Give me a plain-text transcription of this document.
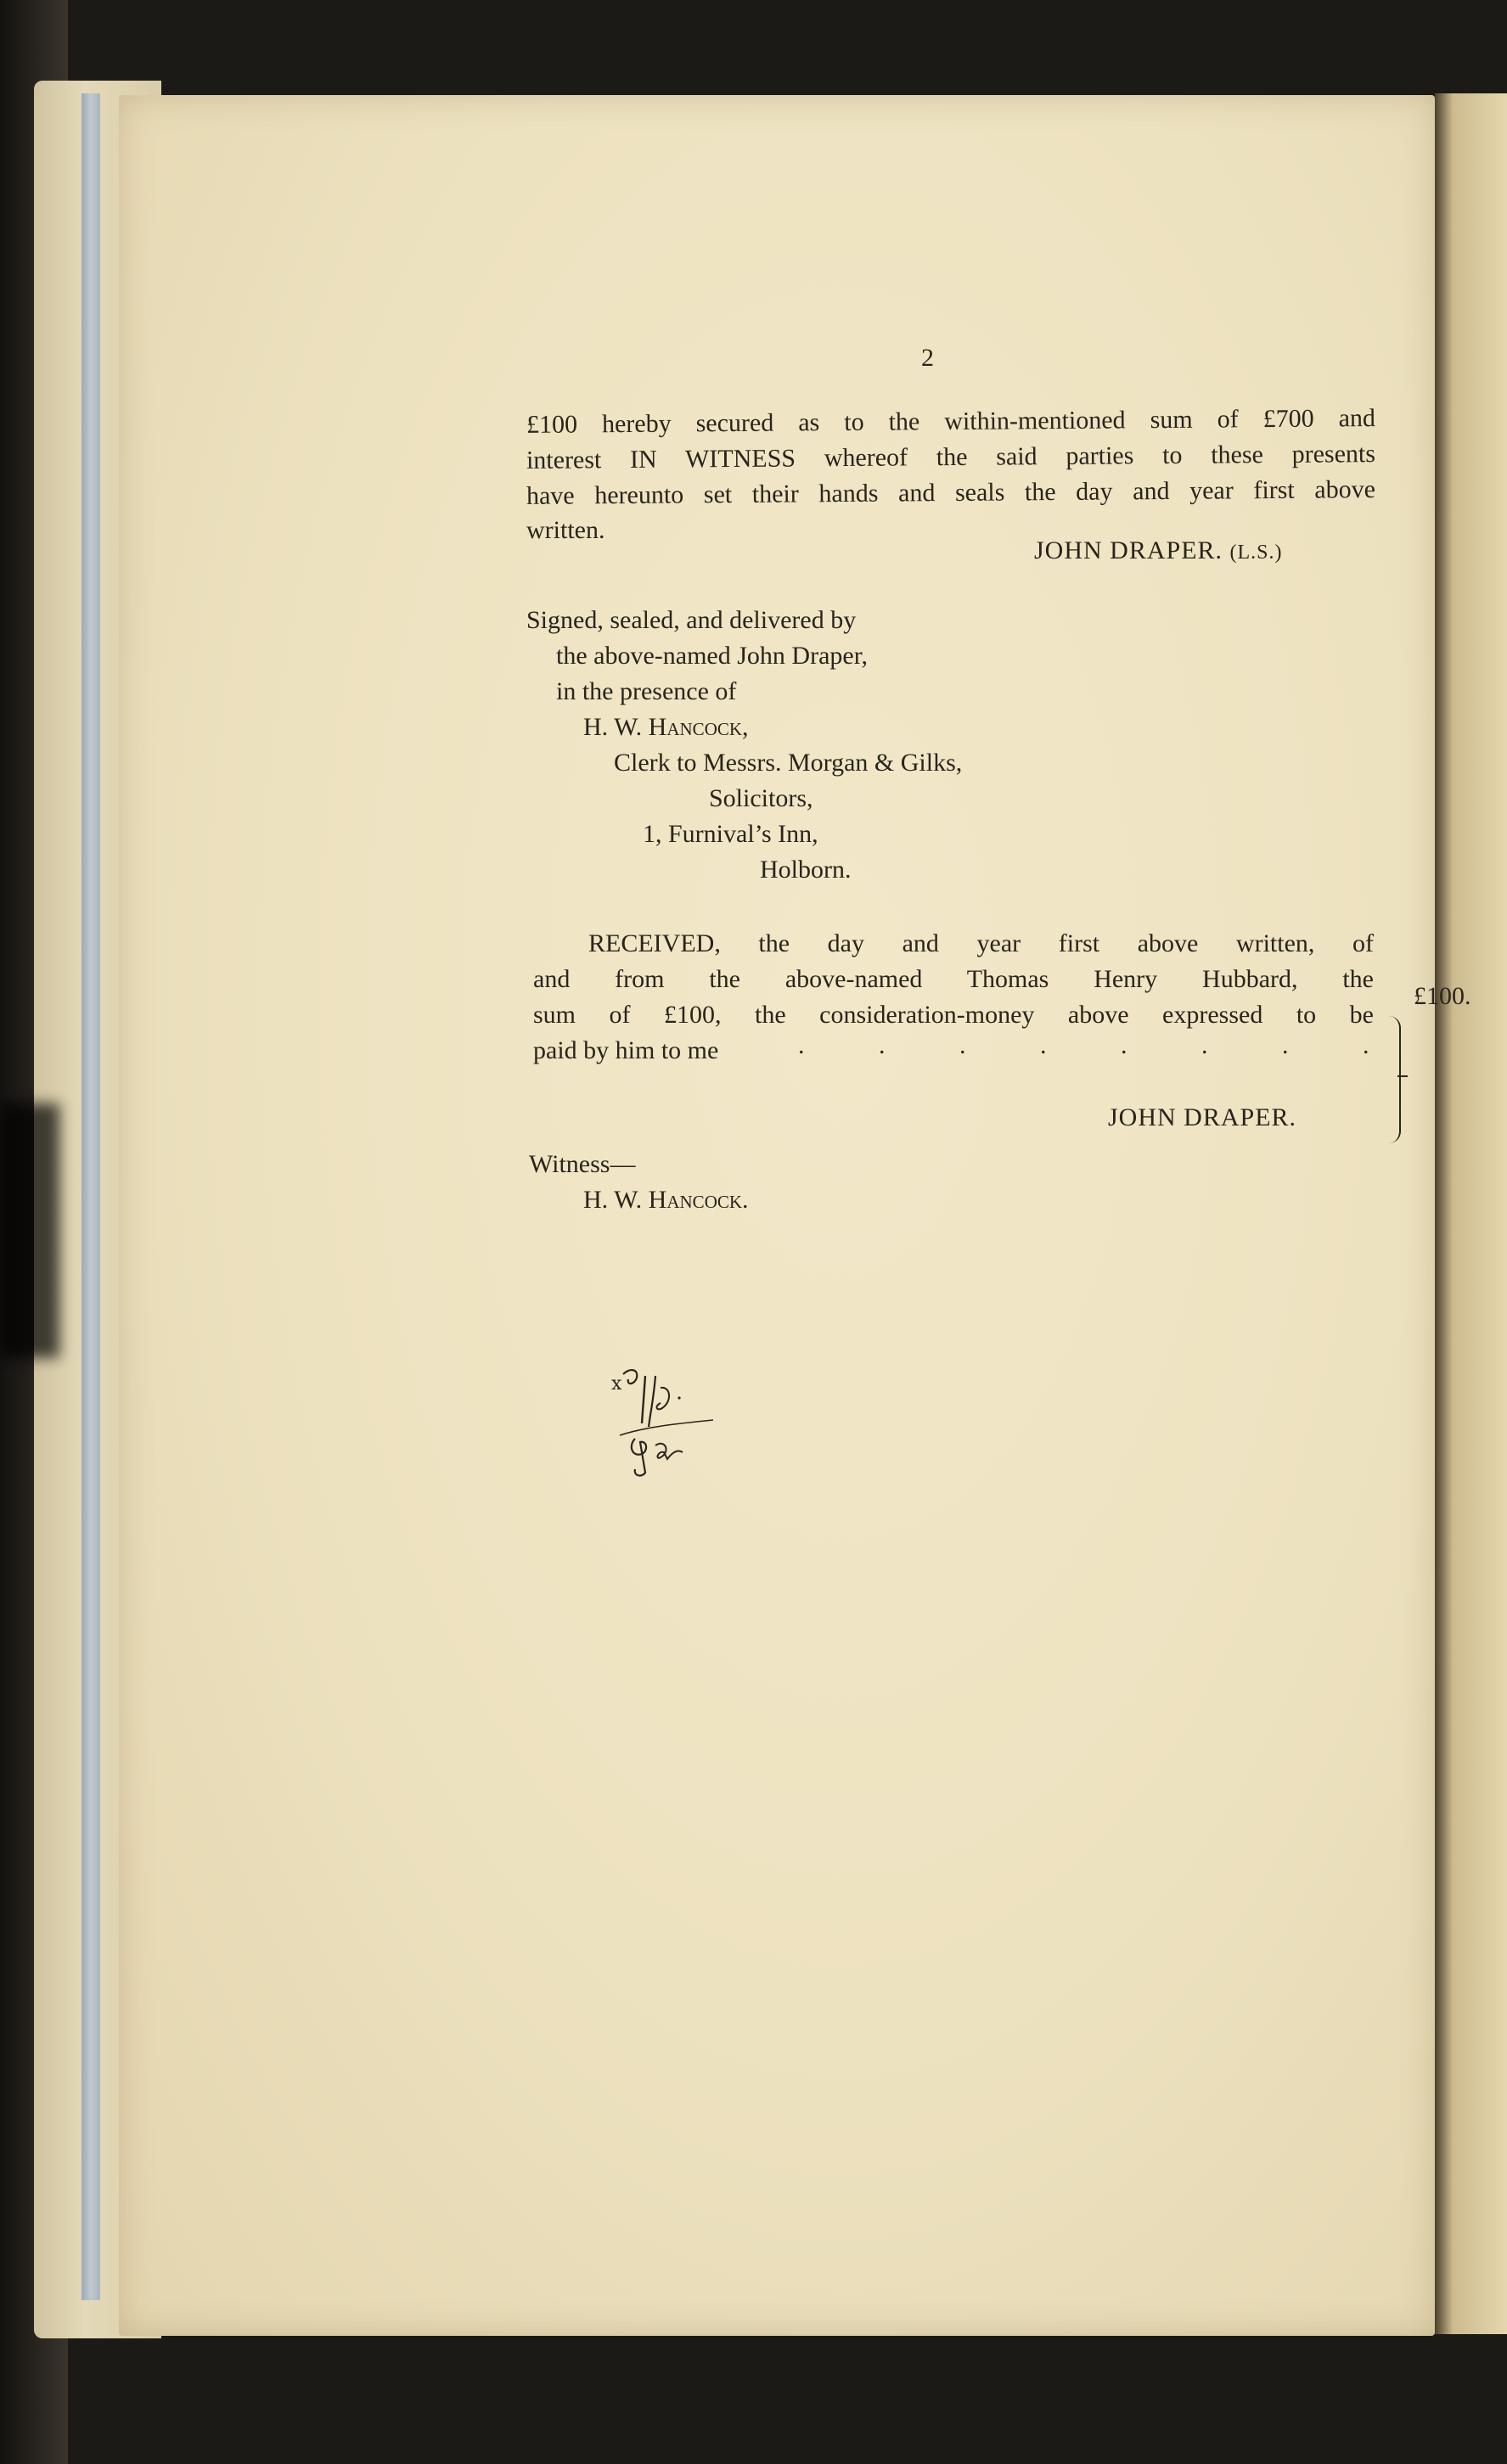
2
£100 hereby secured as to the within-mentioned sum of £700 and
interest IN WITNESS whereof the said parties to these presents
have hereunto set their hands and seals the day and year first above
written.
JOHN DRAPER. (L.S.)
Signed, sealed, and delivered by
the above-named John Draper,
in the presence of
H. W. Hancock,
Clerk to Messrs. Morgan & Gilks,
Solicitors,
1, Furnival’s Inn,
Holborn.
RECEIVED, the day and year first above written, of
and from the above-named Thomas Henry Hubbard, the
sum of £100, the consideration-money above expressed to be
paid by him to me	. . . . . . . .
£100.
JOHN DRAPER.
Witness—
H. W. Hancock.
x
